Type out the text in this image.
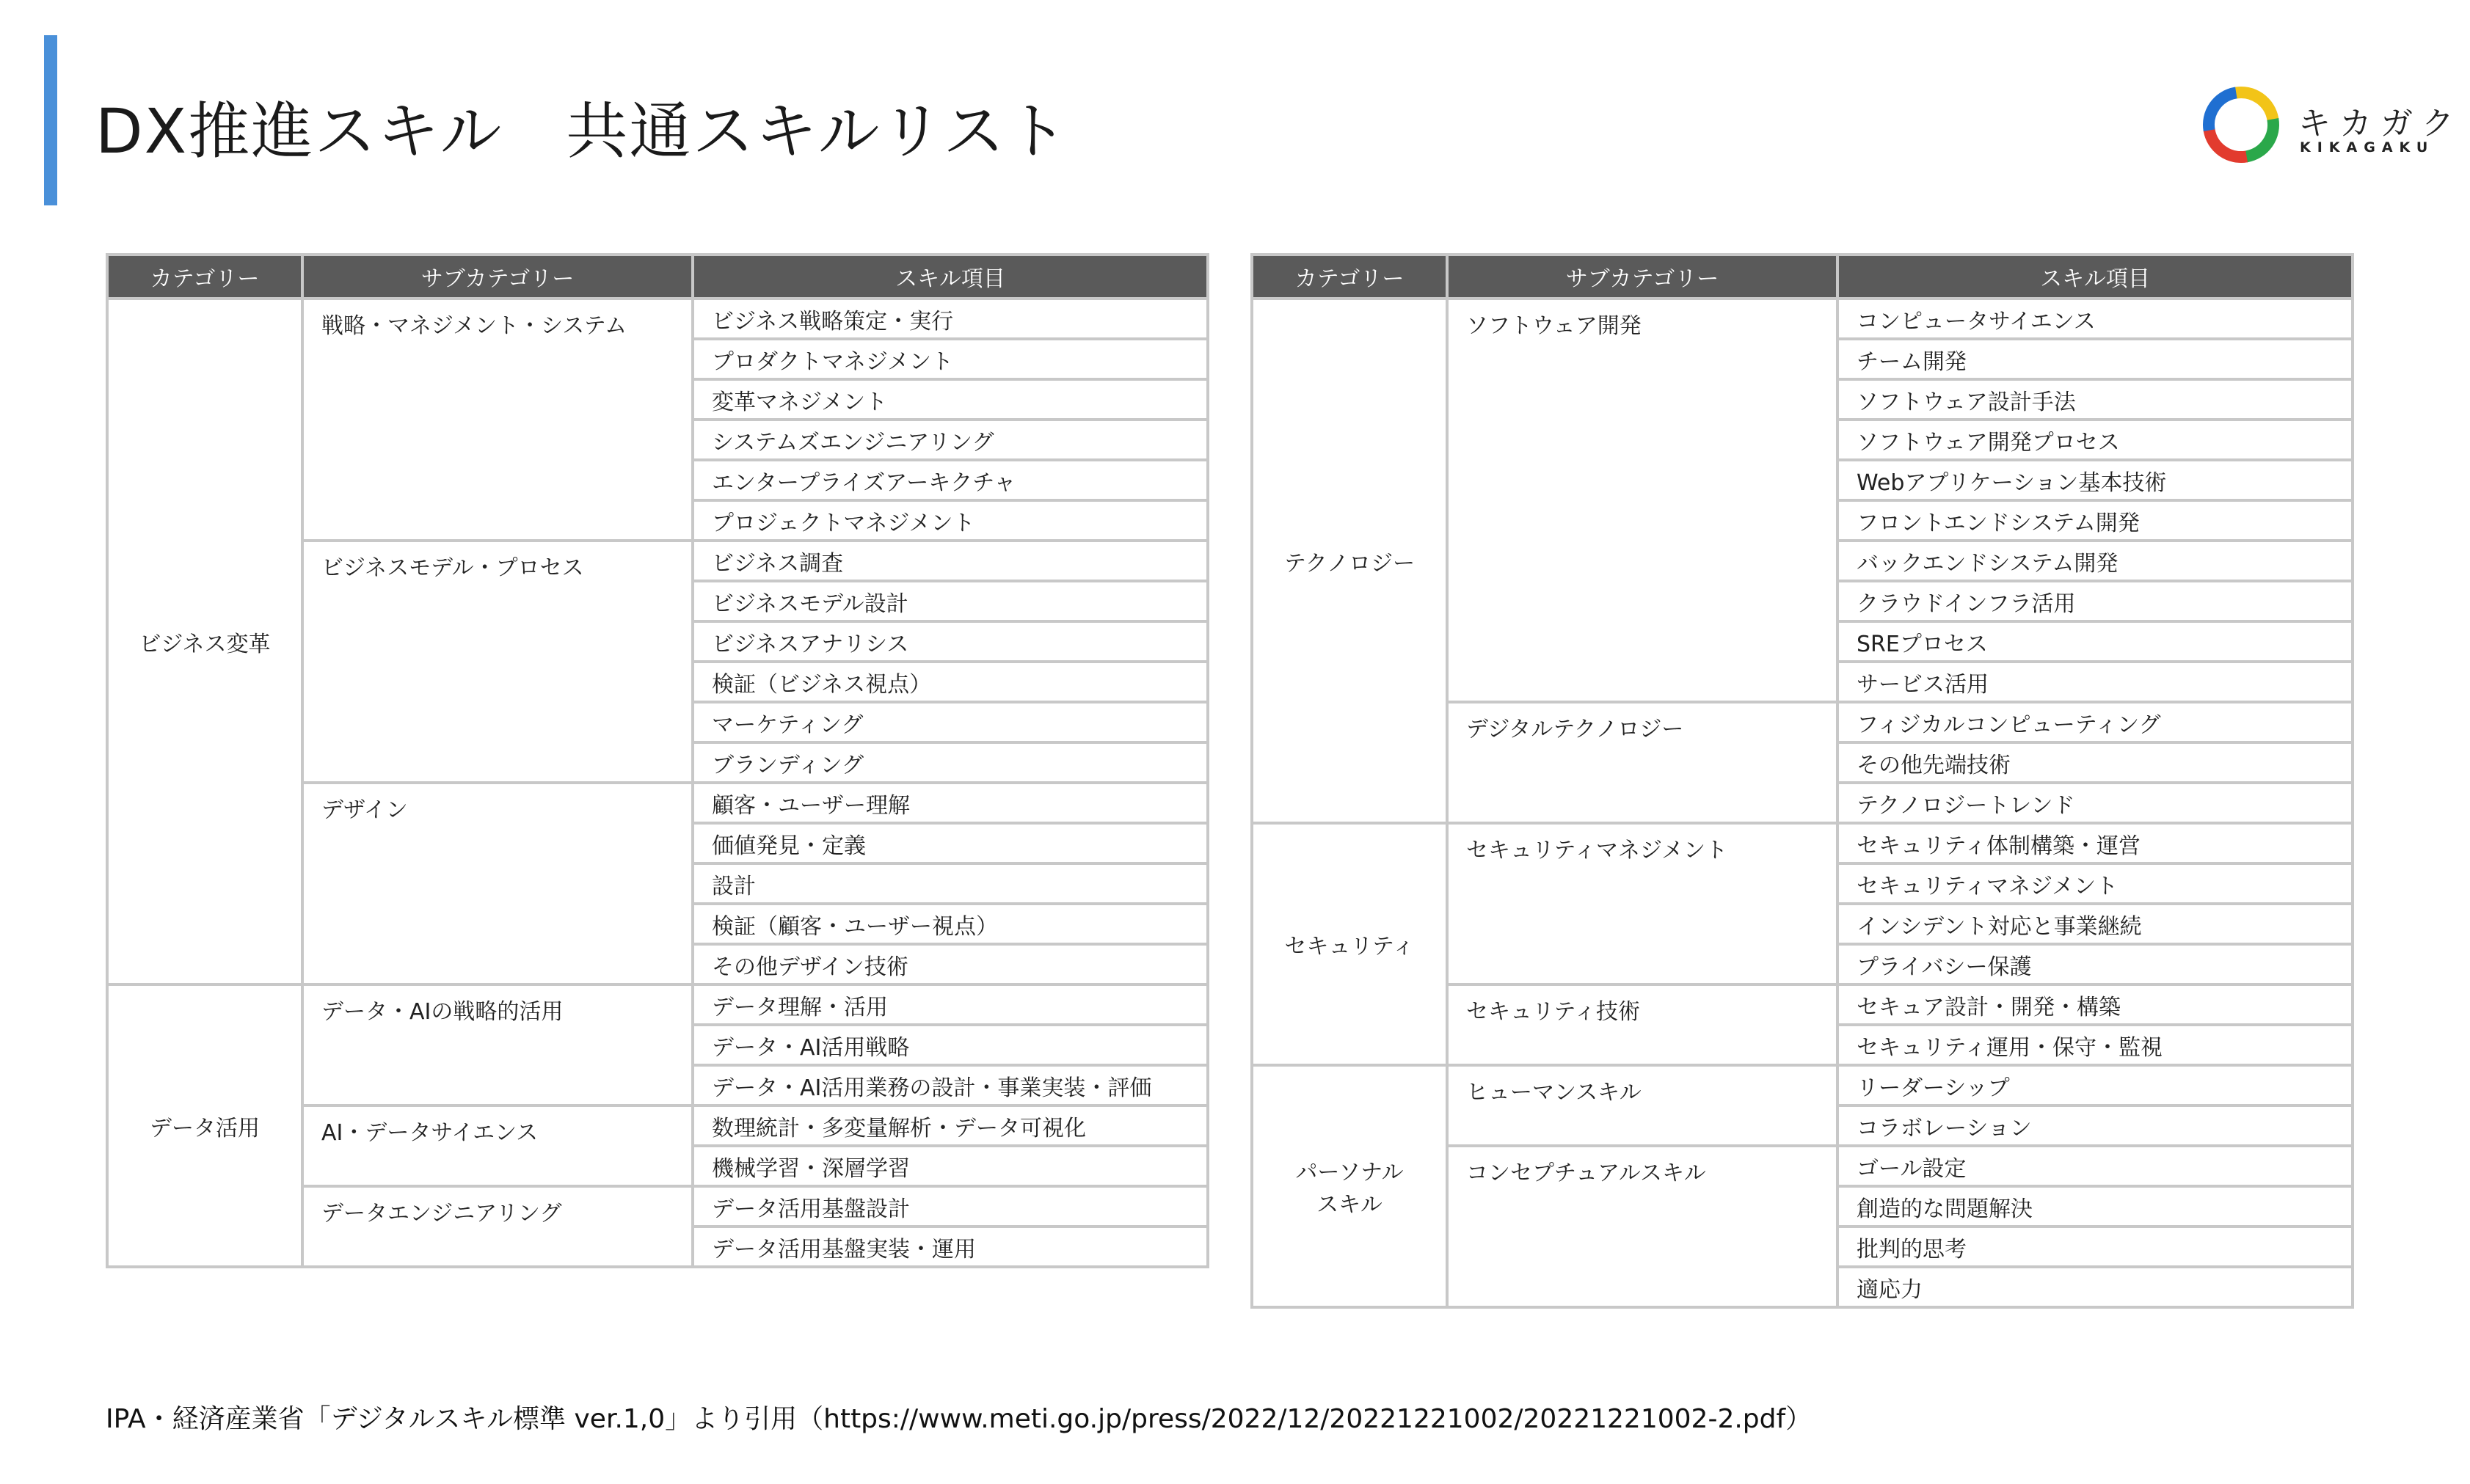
DX推進スキル　共通スキルリスト	キカガク
KIKAGAKU
カテゴリー	サブカテゴリー	スキル項目
ビジネス変革	戦略・マネジメント・システム	ビジネス戦略策定・実行
		プロダクトマネジメント
		変革マネジメント
		システムズエンジニアリング
		エンタープライズアーキクチャ
		プロジェクトマネジメント
	ビジネスモデル・プロセス	ビジネス調査
		ビジネスモデル設計
		ビジネスアナリシス
		検証（ビジネス視点）
		マーケティング
		ブランディング
	デザイン	顧客・ユーザー理解
		価値発見・定義
		設計
		検証（顧客・ユーザー視点）
		その他デザイン技術
データ活用	データ・AIの戦略的活用	データ理解・活用
		データ・AI活用戦略
		データ・AI活用業務の設計・事業実装・評価
	AI・データサイエンス	数理統計・多変量解析・データ可視化
		機械学習・深層学習
	データエンジニアリング	データ活用基盤設計
		データ活用基盤実装・運用
カテゴリー	サブカテゴリー	スキル項目
テクノロジー	ソフトウェア開発	コンピュータサイエンス
		チーム開発
		ソフトウェア設計手法
		ソフトウェア開発プロセス
		Webアプリケーション基本技術
		フロントエンドシステム開発
		バックエンドシステム開発
		クラウドインフラ活用
		SREプロセス
		サービス活用
	デジタルテクノロジー	フィジカルコンピューティング
		その他先端技術
		テクノロジートレンド
セキュリティ	セキュリティマネジメント	セキュリティ体制構築・運営
		セキュリティマネジメント
		インシデント対応と事業継続
		プライバシー保護
	セキュリティ技術	セキュア設計・開発・構築
		セキュリティ運用・保守・監視
パーソナル
スキル	ヒューマンスキル	リーダーシップ
		コラボレーション
	コンセプチュアルスキル	ゴール設定
		創造的な問題解決
		批判的思考
		適応力
IPA・経済産業省「デジタルスキル標準 ver.1,0」より引用（https://www.meti.go.jp/press/2022/12/20221221002/20221221002-2.pdf）
